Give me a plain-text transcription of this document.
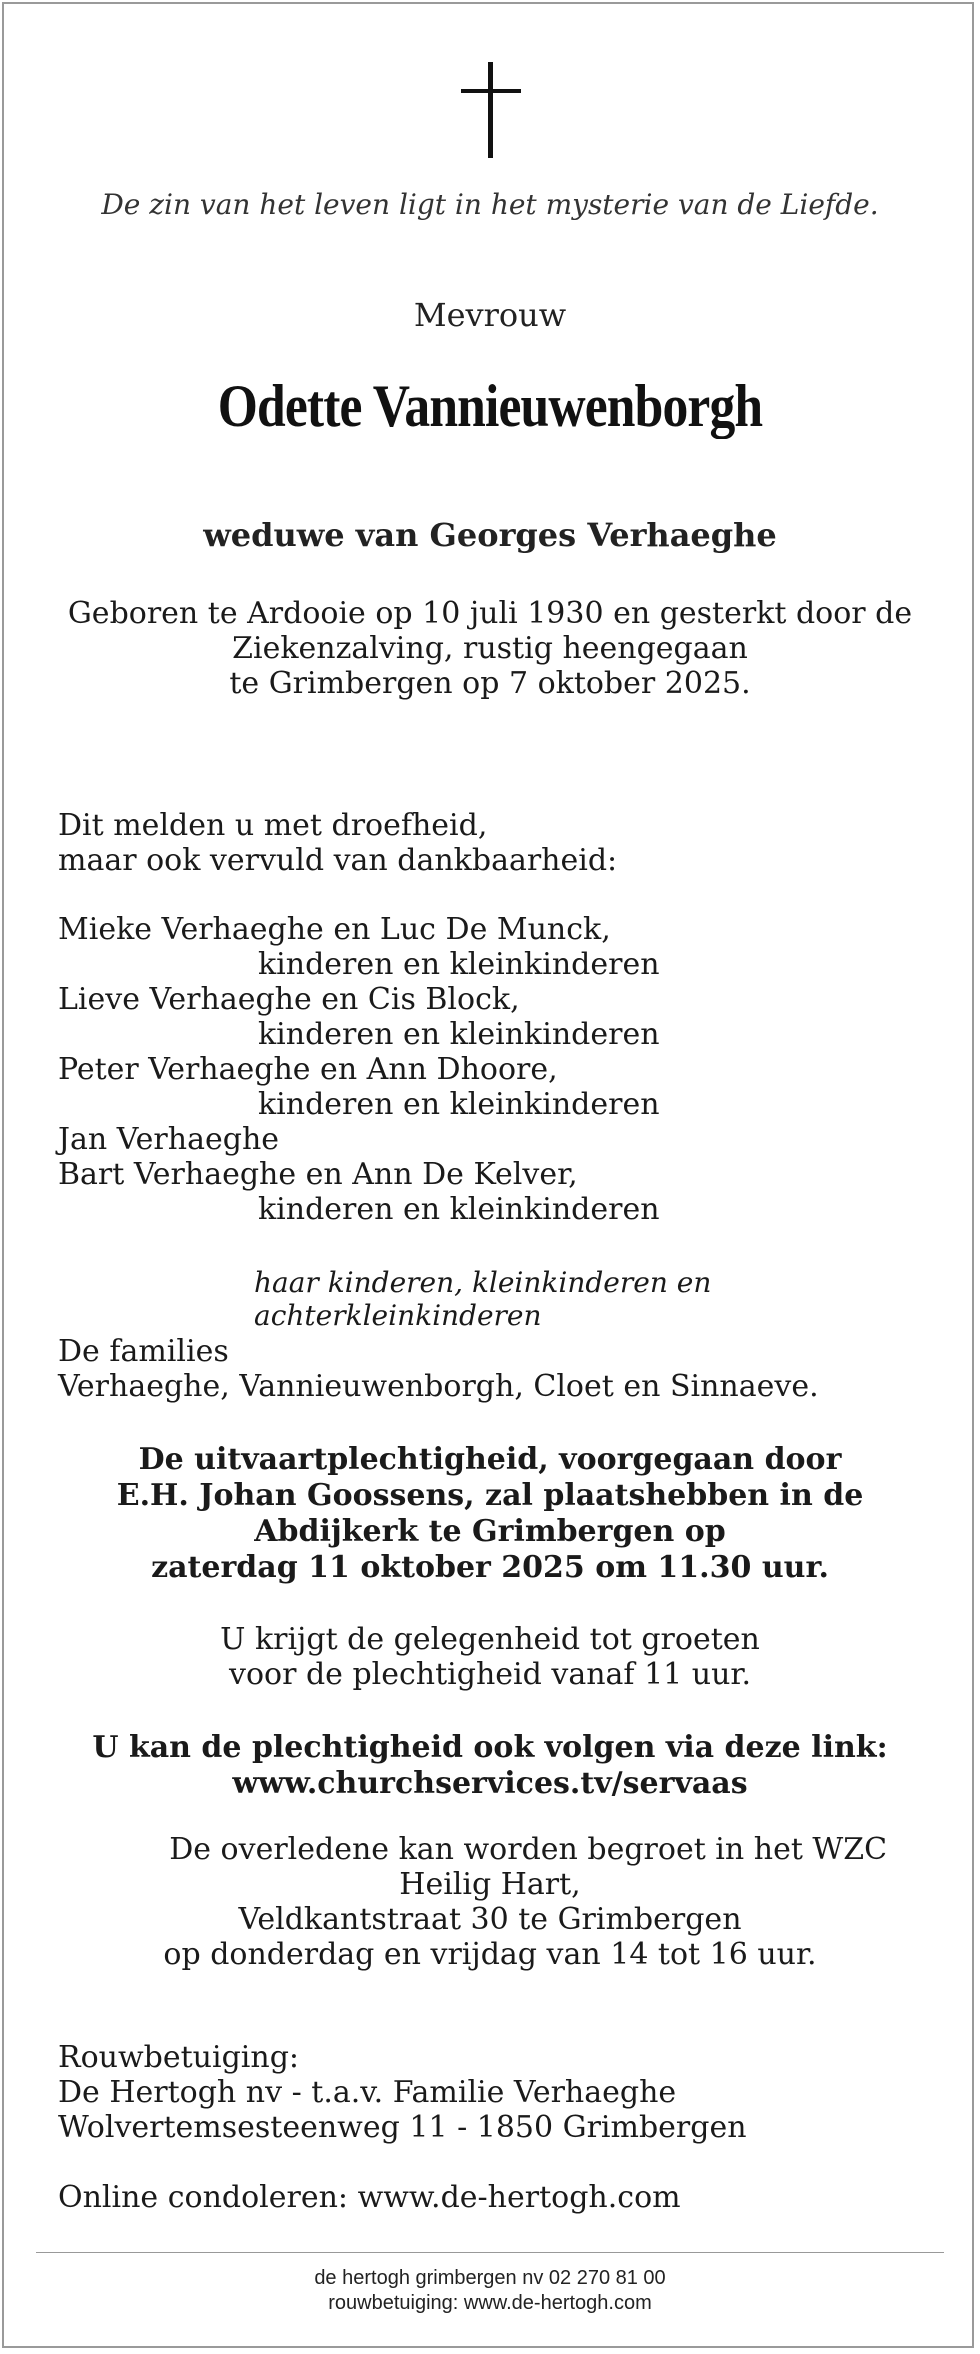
De zin van het leven ligt in het mysterie van de Liefde.
Mevrouw
Odette Vannieuwenborgh
weduwe van Georges Verhaeghe
Geboren te Ardooie op 10 juli 1930 en gesterkt door de
Ziekenzalving, rustig heengegaan
te Grimbergen op 7 oktober 2025.
Dit melden u met droefheid,
maar ook vervuld van dankbaarheid:
Mieke Verhaeghe en Luc De Munck,
kinderen en kleinkinderen
Lieve Verhaeghe en Cis Block,
kinderen en kleinkinderen
Peter Verhaeghe en Ann Dhoore,
kinderen en kleinkinderen
Jan Verhaeghe
Bart Verhaeghe en Ann De Kelver,
kinderen en kleinkinderen
haar kinderen, kleinkinderen en achterkleinkinderen
De families
Verhaeghe, Vannieuwenborgh, Cloet en Sinnaeve.
De uitvaartplechtigheid, voorgegaan door
E.H. Johan Goossens, zal plaatshebben in de
Abdijkerk te Grimbergen op
zaterdag 11 oktober 2025 om 11.30 uur.
U krijgt de gelegenheid tot groeten
voor de plechtigheid vanaf 11 uur.
U kan de plechtigheid ook volgen via deze link:
www.churchservices.tv/servaas
De overledene kan worden begroet in het WZC
Heilig Hart,
Veldkantstraat 30 te Grimbergen
op donderdag en vrijdag van 14 tot 16 uur.
Rouwbetuiging:
De Hertogh nv - t.a.v. Familie Verhaeghe
Wolvertemsesteenweg 11 - 1850 Grimbergen
Online condoleren: www.de-hertogh.com
de hertogh grimbergen nv 02 270 81 00
rouwbetuiging: www.de-hertogh.com
